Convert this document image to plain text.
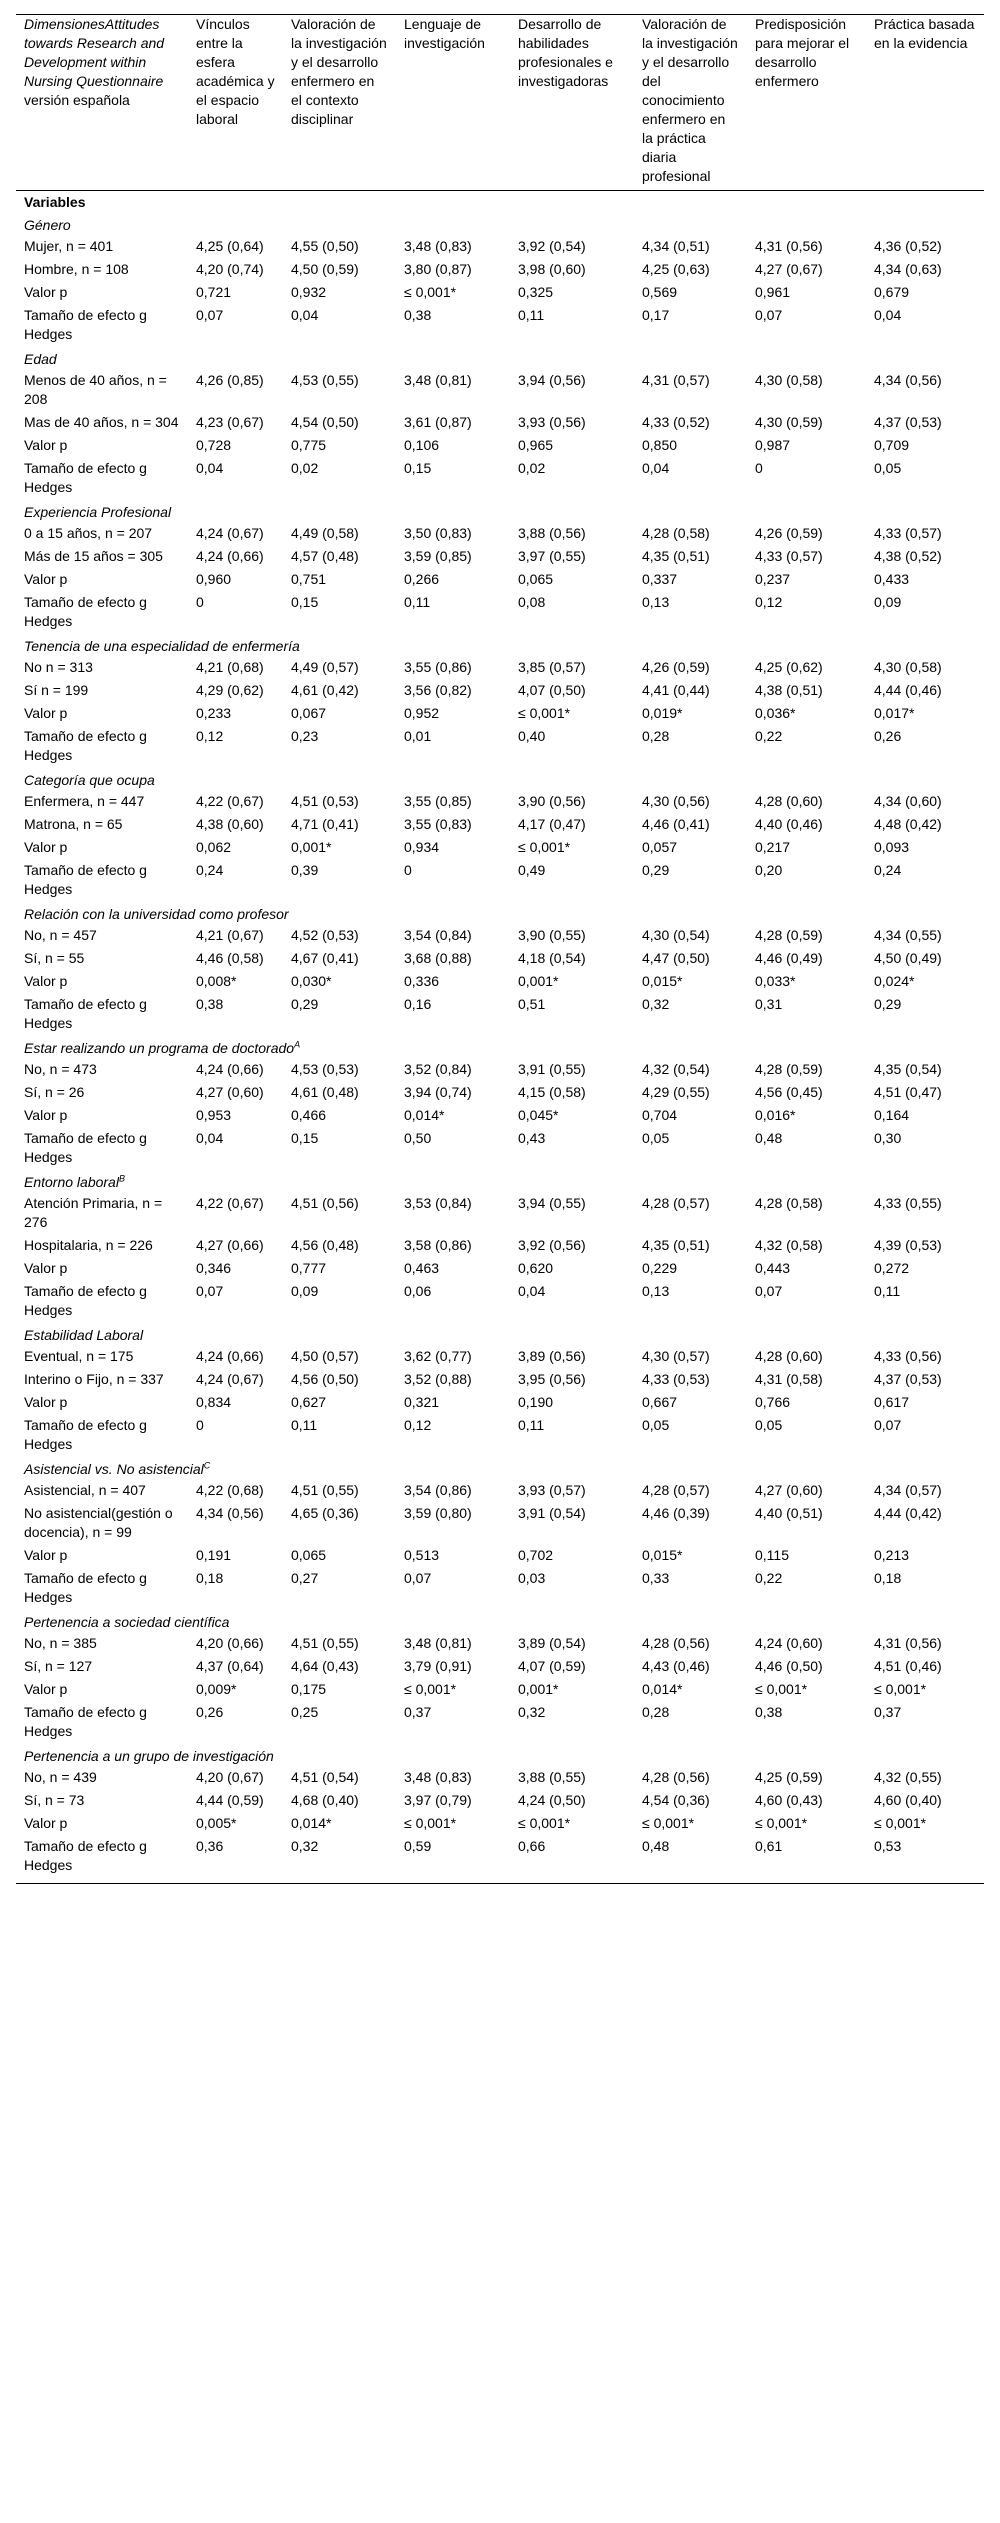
DimensionesAttitudes towards Research and Development within Nursing Questionnaire versión española	Vínculos entre la esfera académica y el espacio laboral	Valoración de la investigación y el desarrollo enfermero en el contexto disciplinar	Lenguaje de investigación	Desarrollo de habilidades profesionales e investigadoras	Valoración de la investigación y el desarrollo del conocimiento enfermero en la práctica diaria profesional	Predisposición para mejorar el desarrollo enfermero	Práctica basada en la evidencia
Variables							
Género							
Mujer, n = 401	4,25 (0,64)	4,55 (0,50)	3,48 (0,83)	3,92 (0,54)	4,34 (0,51)	4,31 (0,56)	4,36 (0,52)
Hombre, n = 108	4,20 (0,74)	4,50 (0,59)	3,80 (0,87)	3,98 (0,60)	4,25 (0,63)	4,27 (0,67)	4,34 (0,63)
Valor p	0,721	0,932	≤ 0,001*	0,325	0,569	0,961	0,679
Tamaño de efecto g Hedges	0,07	0,04	0,38	0,11	0,17	0,07	0,04
Edad							
Menos de 40 años, n = 208	4,26 (0,85)	4,53 (0,55)	3,48 (0,81)	3,94 (0,56)	4,31 (0,57)	4,30 (0,58)	4,34 (0,56)
Mas de 40 años, n = 304	4,23 (0,67)	4,54 (0,50)	3,61 (0,87)	3,93 (0,56)	4,33 (0,52)	4,30 (0,59)	4,37 (0,53)
Valor p	0,728	0,775	0,106	0,965	0,850	0,987	0,709
Tamaño de efecto g Hedges	0,04	0,02	0,15	0,02	0,04	0	0,05
Experiencia Profesional							
0 a 15 años, n = 207	4,24 (0,67)	4,49 (0,58)	3,50 (0,83)	3,88 (0,56)	4,28 (0,58)	4,26 (0,59)	4,33 (0,57)
Más de 15 años = 305	4,24 (0,66)	4,57 (0,48)	3,59 (0,85)	3,97 (0,55)	4,35 (0,51)	4,33 (0,57)	4,38 (0,52)
Valor p	0,960	0,751	0,266	0,065	0,337	0,237	0,433
Tamaño de efecto g Hedges	0	0,15	0,11	0,08	0,13	0,12	0,09
Tenencia de una especialidad de enfermería							
No n = 313	4,21 (0,68)	4,49 (0,57)	3,55 (0,86)	3,85 (0,57)	4,26 (0,59)	4,25 (0,62)	4,30 (0,58)
Sí n = 199	4,29 (0,62)	4,61 (0,42)	3,56 (0,82)	4,07 (0,50)	4,41 (0,44)	4,38 (0,51)	4,44 (0,46)
Valor p	0,233	0,067	0,952	≤ 0,001*	0,019*	0,036*	0,017*
Tamaño de efecto g Hedges	0,12	0,23	0,01	0,40	0,28	0,22	0,26
Categoría que ocupa							
Enfermera, n = 447	4,22 (0,67)	4,51 (0,53)	3,55 (0,85)	3,90 (0,56)	4,30 (0,56)	4,28 (0,60)	4,34 (0,60)
Matrona, n = 65	4,38 (0,60)	4,71 (0,41)	3,55 (0,83)	4,17 (0,47)	4,46 (0,41)	4,40 (0,46)	4,48 (0,42)
Valor p	0,062	0,001*	0,934	≤ 0,001*	0,057	0,217	0,093
Tamaño de efecto g Hedges	0,24	0,39	0	0,49	0,29	0,20	0,24
Relación con la universidad como profesor							
No, n = 457	4,21 (0,67)	4,52 (0,53)	3,54 (0,84)	3,90 (0,55)	4,30 (0,54)	4,28 (0,59)	4,34 (0,55)
Sí, n = 55	4,46 (0,58)	4,67 (0,41)	3,68 (0,88)	4,18 (0,54)	4,47 (0,50)	4,46 (0,49)	4,50 (0,49)
Valor p	0,008*	0,030*	0,336	0,001*	0,015*	0,033*	0,024*
Tamaño de efecto g Hedges	0,38	0,29	0,16	0,51	0,32	0,31	0,29
Estar realizando un programa de doctorado$^A$
No, n = 473	4,24 (0,66)	4,53 (0,53)	3,52 (0,84)	3,91 (0,55)	4,32 (0,54)	4,28 (0,59)	4,35 (0,54)
Sí, n = 26	4,27 (0,60)	4,61 (0,48)	3,94 (0,74)	4,15 (0,58)	4,29 (0,55)	4,56 (0,45)	4,51 (0,47)
Valor p	0,953	0,466	0,014*	0,045*	0,704	0,016*	0,164
Tamaño de efecto g Hedges	0,04	0,15	0,50	0,43	0,05	0,48	0,30
Entorno laboral$^B$
Atención Primaria, n = 276	4,22 (0,67)	4,51 (0,56)	3,53 (0,84)	3,94 (0,55)	4,28 (0,57)	4,28 (0,58)	4,33 (0,55)
Hospitalaria, n = 226	4,27 (0,66)	4,56 (0,48)	3,58 (0,86)	3,92 (0,56)	4,35 (0,51)	4,32 (0,58)	4,39 (0,53)
Valor p	0,346	0,777	0,463	0,620	0,229	0,443	0,272
Tamaño de efecto g Hedges	0,07	0,09	0,06	0,04	0,13	0,07	0,11
Estabilidad Laboral							
Eventual, n = 175	4,24 (0,66)	4,50 (0,57)	3,62 (0,77)	3,89 (0,56)	4,30 (0,57)	4,28 (0,60)	4,33 (0,56)
Interino o Fijo, n = 337	4,24 (0,67)	4,56 (0,50)	3,52 (0,88)	3,95 (0,56)	4,33 (0,53)	4,31 (0,58)	4,37 (0,53)
Valor p	0,834	0,627	0,321	0,190	0,667	0,766	0,617
Tamaño de efecto g Hedges	0	0,11	0,12	0,11	0,05	0,05	0,07
Asistencial vs. No asistencial$^C$
Asistencial, n = 407	4,22 (0,68)	4,51 (0,55)	3,54 (0,86)	3,93 (0,57)	4,28 (0,57)	4,27 (0,60)	4,34 (0,57)
No asistencial(gestión o docencia), n = 99	4,34 (0,56)	4,65 (0,36)	3,59 (0,80)	3,91 (0,54)	4,46 (0,39)	4,40 (0,51)	4,44 (0,42)
Valor p	0,191	0,065	0,513	0,702	0,015*	0,115	0,213
Tamaño de efecto g Hedges	0,18	0,27	0,07	0,03	0,33	0,22	0,18
Pertenencia a sociedad científica							
No, n = 385	4,20 (0,66)	4,51 (0,55)	3,48 (0,81)	3,89 (0,54)	4,28 (0,56)	4,24 (0,60)	4,31 (0,56)
Sí, n = 127	4,37 (0,64)	4,64 (0,43)	3,79 (0,91)	4,07 (0,59)	4,43 (0,46)	4,46 (0,50)	4,51 (0,46)
Valor p	0,009*	0,175	≤ 0,001*	0,001*	0,014*	≤ 0,001*	≤ 0,001*
Tamaño de efecto g Hedges	0,26	0,25	0,37	0,32	0,28	0,38	0,37
Pertenencia a un grupo de investigación							
No, n = 439	4,20 (0,67)	4,51 (0,54)	3,48 (0,83)	3,88 (0,55)	4,28 (0,56)	4,25 (0,59)	4,32 (0,55)
Sí, n = 73	4,44 (0,59)	4,68 (0,40)	3,97 (0,79)	4,24 (0,50)	4,54 (0,36)	4,60 (0,43)	4,60 (0,40)
Valor p	0,005*	0,014*	≤ 0,001*	≤ 0,001*	≤ 0,001*	≤ 0,001*	≤ 0,001*
Tamaño de efecto g Hedges	0,36	0,32	0,59	0,66	0,48	0,61	0,53
